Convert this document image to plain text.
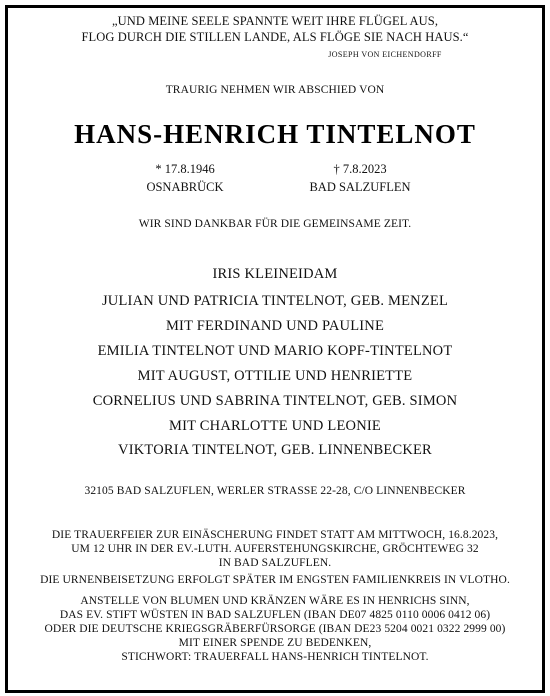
„UND MEINE SEELE SPANNTE WEIT IHRE FLÜGEL AUS,
FLOG DURCH DIE STILLEN LANDE, ALS FLÖGE SIE NACH HAUS.“
JOSEPH VON EICHENDORFF
TRAURIG NEHMEN WIR ABSCHIED VON
HANS-HENRICH TINTELNOT
* 17.8.1946
OSNABRÜCK
† 7.8.2023
BAD SALZUFLEN
WIR SIND DANKBAR FÜR DIE GEMEINSAME ZEIT.
IRIS KLEINEIDAM
JULIAN UND PATRICIA TINTELNOT, GEB. MENZEL
MIT FERDINAND UND PAULINE
EMILIA TINTELNOT UND MARIO KOPF-TINTELNOT
MIT AUGUST, OTTILIE UND HENRIETTE
CORNELIUS UND SABRINA TINTELNOT, GEB. SIMON
MIT CHARLOTTE UND LEONIE
VIKTORIA TINTELNOT, GEB. LINNENBECKER
32105 BAD SALZUFLEN, WERLER STRASSE 22-28, C/O LINNENBECKER
DIE TRAUERFEIER ZUR EINÄSCHERUNG FINDET STATT AM MITTWOCH, 16.8.2023,
UM 12 UHR IN DER EV.-LUTH. AUFERSTEHUNGSKIRCHE, GRÖCHTEWEG 32
IN BAD SALZUFLEN.
DIE URNENBEISETZUNG ERFOLGT SPÄTER IM ENGSTEN FAMILIENKREIS IN VLOTHO.
ANSTELLE VON BLUMEN UND KRÄNZEN WÄRE ES IN HENRICHS SINN,
DAS EV. STIFT WÜSTEN IN BAD SALZUFLEN (IBAN DE07 4825 0110 0006 0412 06)
ODER DIE DEUTSCHE KRIEGSGRÄBERFÜRSORGE (IBAN DE23 5204 0021 0322 2999 00)
MIT EINER SPENDE ZU BEDENKEN,
STICHWORT: TRAUERFALL HANS-HENRICH TINTELNOT.
